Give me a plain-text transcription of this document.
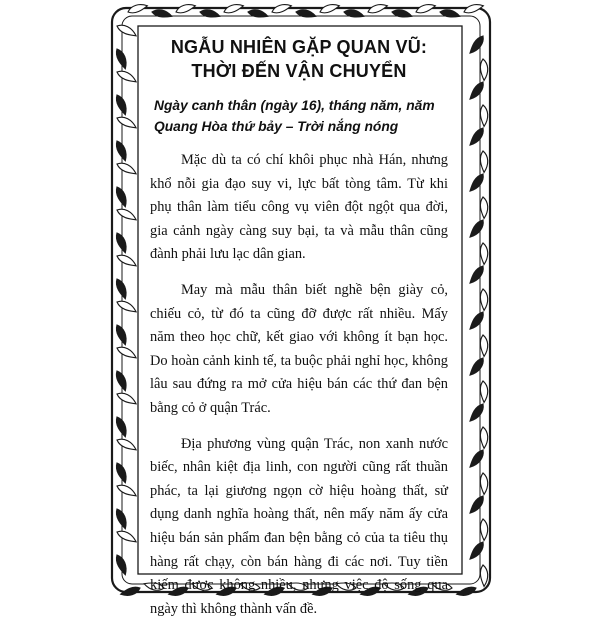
NGẪU NHIÊN GẶP QUAN VŨ:
THỜI ĐẾN VẬN CHUYỂN
Ngày canh thân (ngày 16), tháng năm, năm
Quang Hòa thứ bảy – Trời nắng nóng

Mặc dù ta có chí khôi phục nhà Hán, nhưng khổ nỗi gia đạo suy vi, lực bất tòng tâm. Từ khi phụ thân làm tiểu công vụ viên đột ngột qua đời, gia cảnh ngày càng suy bại, ta và mẫu thân cũng đành phải lưu lạc dân gian.

May mà mẫu thân biết nghề bện giày cỏ, chiếu cỏ, từ đó ta cũng đỡ được rất nhiều. Mấy năm theo học chữ, kết giao với không ít bạn học. Do hoàn cảnh kinh tế, ta buộc phải nghỉ học, không lâu sau đứng ra mở cửa hiệu bán các thứ đan bện bằng cỏ ở quận Trác.

Địa phương vùng quận Trác, non xanh nước biếc, nhân kiệt địa linh, con người cũng rất thuần phác, ta lại giương ngọn cờ hiệu hoàng thất, sử dụng danh nghĩa hoàng thất, nên mấy năm ấy cửa hiệu bán sản phẩm đan bện bằng cỏ của ta tiêu thụ hàng rất chạy, còn bán hàng đi các nơi. Tuy tiền kiếm được không nhiều, nhưng việc độ sống qua ngày thì không thành vấn đề.
